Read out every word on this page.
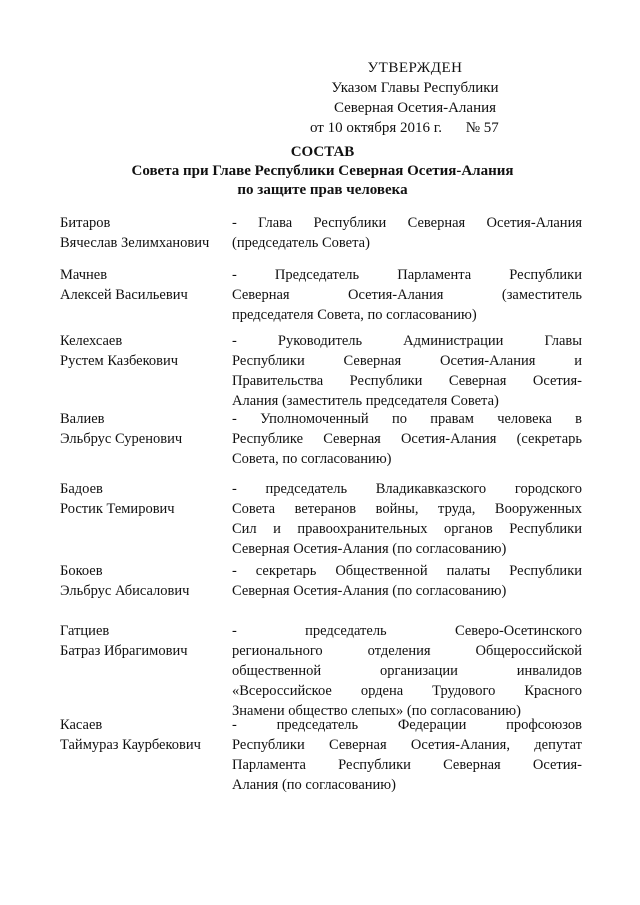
УТВЕРЖДЕН
Указом Главы Республики
Северная Осетия-Алания
от 10 октября 2016 г. № 57
СОСТАВ
Совета при Главе Республики Северная Осетия-Алания
по защите прав человека
Битаров
Вячеслав Зелимханович
- Глава Республики Северная Осетия-Алания
(председатель Совета)
Мачнев
Алексей Васильевич
-   Председатель   Парламента   Республики
Северная      Осетия-Алания      (заместитель
председателя Совета, по согласованию)
Келехсаев
Рустем Казбекович
-     Руководитель     Администрации     Главы
Республики    Северная    Осетия-Алания    и
Правительства Республики Северная Осетия-
Алания (заместитель председателя Совета)
Валиев
Эльбрус Суренович
- Уполномоченный по правам человека в
Республике Северная Осетия-Алания (секретарь
Совета, по согласованию)
Бадоев
Ростик Темирович
- председатель Владикавказского городского
Совета ветеранов войны, труда, Вооруженных
Сил и правоохранительных органов Республики
Северная Осетия-Алания (по согласованию)
Бокоев
Эльбрус Абисалович
- секретарь Общественной палаты Республики
Северная Осетия-Алания (по согласованию)
Гатциев
Батраз Ибрагимович
-           председатель           Северо-Осетинского
регионального   отделения   Общероссийской
общественной       организации       инвалидов
«Всероссийское ордена Трудового Красного
Знамени общество слепых» (по согласованию)
Касаев
Таймураз Каурбекович
-   председатель   Федерации   профсоюзов
Республики Северная Осетия-Алания, депутат
Парламента   Республики   Северная   Осетия-
Алания (по согласованию)
